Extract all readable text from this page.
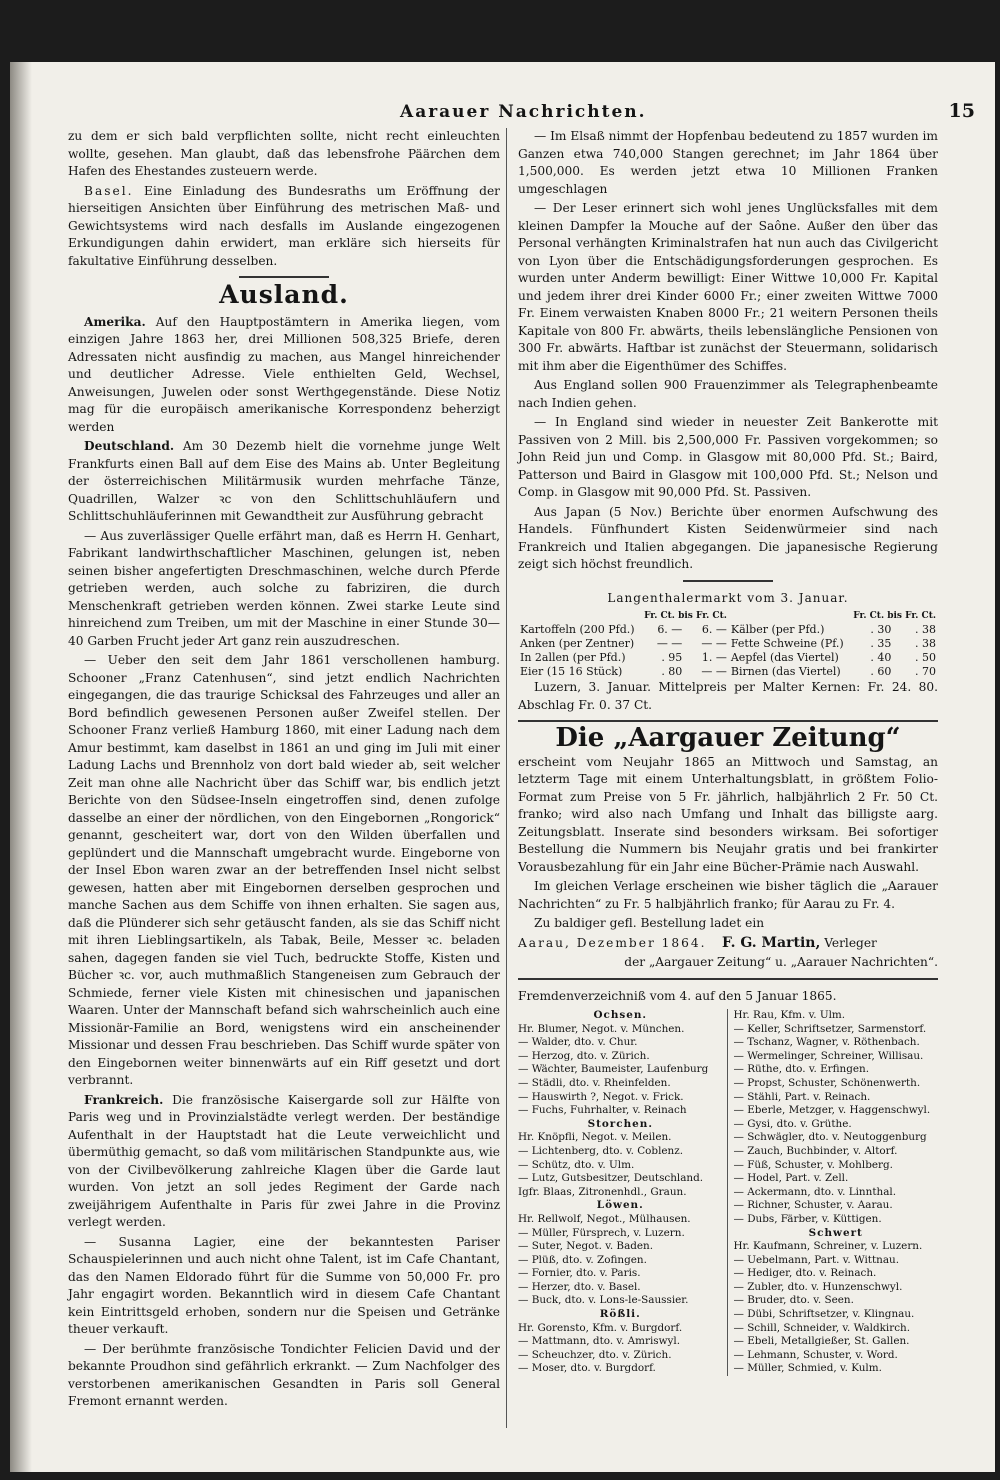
Aarauer Nachrichten.	15

zu dem er sich bald verpflichten sollte, nicht recht einleuchten wollte, gesehen. Man glaubt, daß das lebensfrohe Päärchen dem Hafen des Ehestandes zusteuern werde.

Basel. Eine Einladung des Bundesraths um Eröffnung der hierseitigen Ansichten über Einführung des metrischen Maß- und Gewichtsystems wird nach desfalls im Auslande eingezogenen Erkundigungen dahin erwidert, man erkläre sich hierseits für fakultative Einführung desselben.

Ausland.

Amerika. Auf den Hauptpostämtern in Amerika liegen, vom einzigen Jahre 1863 her, drei Millionen 508,325 Briefe, deren Adressaten nicht ausfindig zu machen, aus Mangel hinreichender und deutlicher Adresse. Viele enthielten Geld, Wechsel, Anweisungen, Juwelen oder sonst Werthgegenstände. Diese Notiz mag für die europäisch amerikanische Korrespondenz beherzigt werden

Deutschland. Am 30 Dezemb hielt die vornehme junge Welt Frankfurts einen Ball auf dem Eise des Mains ab. Unter Begleitung der österreichischen Militärmusik wurden mehrfache Tänze, Quadrillen, Walzer ꝛc von den Schlittschuhläufern und Schlittschuhläuferinnen mit Gewandtheit zur Ausführung gebracht

— Aus zuverlässiger Quelle erfährt man, daß es Herrn H. Genhart, Fabrikant landwirthschaftlicher Maschinen, gelungen ist, neben seinen bisher angefertigten Dreschmaschinen, welche durch Pferde getrieben werden, auch solche zu fabriziren, die durch Menschenkraft getrieben werden können. Zwei starke Leute sind hinreichend zum Treiben, um mit der Maschine in einer Stunde 30—40 Garben Frucht jeder Art ganz rein auszudreschen.

— Ueber den seit dem Jahr 1861 verschollenen hamburg. Schooner „Franz Catenhusen“, sind jetzt endlich Nachrichten eingegangen, die das traurige Schicksal des Fahrzeuges und aller an Bord befindlich gewesenen Personen außer Zweifel stellen. Der Schooner Franz verließ Hamburg 1860, mit einer Ladung nach dem Amur bestimmt, kam daselbst in 1861 an und ging im Juli mit einer Ladung Lachs und Brennholz von dort bald wieder ab, seit welcher Zeit man ohne alle Nachricht über das Schiff war, bis endlich jetzt Berichte von den Südsee-Inseln eingetroffen sind, denen zufolge dasselbe an einer der nördlichen, von den Eingebornen „Rongorick“ genannt, gescheitert war, dort von den Wilden überfallen und geplündert und die Mannschaft umgebracht wurde. Eingeborne von der Insel Ebon waren zwar an der betreffenden Insel nicht selbst gewesen, hatten aber mit Eingebornen derselben gesprochen und manche Sachen aus dem Schiffe von ihnen erhalten. Sie sagen aus, daß die Plünderer sich sehr getäuscht fanden, als sie das Schiff nicht mit ihren Lieblingsartikeln, als Tabak, Beile, Messer ꝛc. beladen sahen, dagegen fanden sie viel Tuch, bedruckte Stoffe, Kisten und Bücher ꝛc. vor, auch muthmaßlich Stangeneisen zum Gebrauch der Schmiede, ferner viele Kisten mit chinesischen und japanischen Waaren. Unter der Mannschaft befand sich wahrscheinlich auch eine Missionär-Familie an Bord, wenigstens wird ein anscheinender Missionar und dessen Frau beschrieben. Das Schiff wurde später von den Eingebornen weiter binnenwärts auf ein Riff gesetzt und dort verbrannt.

Frankreich. Die französische Kaisergarde soll zur Hälfte von Paris weg und in Provinzialstädte verlegt werden. Der beständige Aufenthalt in der Hauptstadt hat die Leute verweichlicht und übermüthig gemacht, so daß vom militärischen Standpunkte aus, wie von der Civilbevölkerung zahlreiche Klagen über die Garde laut wurden. Von jetzt an soll jedes Regiment der Garde nach zweijährigem Aufenthalte in Paris für zwei Jahre in die Provinz verlegt werden.

— Susanna Lagier, eine der bekanntesten Pariser Schauspielerinnen und auch nicht ohne Talent, ist im Cafe Chantant, das den Namen Eldorado führt für die Summe von 50,000 Fr. pro Jahr engagirt worden. Bekanntlich wird in diesem Cafe Chantant kein Eintrittsgeld erhoben, sondern nur die Speisen und Getränke theuer verkauft.

— Der berühmte französische Tondichter Felicien David und der bekannte Proudhon sind gefährlich erkrankt. — Zum Nachfolger des verstorbenen amerikanischen Gesandten in Paris soll General Fremont ernannt werden.

— Im Elsaß nimmt der Hopfenbau bedeutend zu 1857 wurden im Ganzen etwa 740,000 Stangen gerechnet; im Jahr 1864 über 1,500,000. Es werden jetzt etwa 10 Millionen Franken umgeschlagen

— Der Leser erinnert sich wohl jenes Unglücksfalles mit dem kleinen Dampfer la Mouche auf der Saône. Außer den über das Personal verhängten Kriminalstrafen hat nun auch das Civilgericht von Lyon über die Entschädigungsforderungen gesprochen. Es wurden unter Anderm bewilligt: Einer Wittwe 10,000 Fr. Kapital und jedem ihrer drei Kinder 6000 Fr.; einer zweiten Wittwe 7000 Fr. Einem verwaisten Knaben 8000 Fr.; 21 weitern Personen theils Kapitale von 800 Fr. abwärts, theils lebenslängliche Pensionen von 300 Fr. abwärts. Haftbar ist zunächst der Steuermann, solidarisch mit ihm aber die Eigenthümer des Schiffes.

Aus England sollen 900 Frauenzimmer als Telegraphenbeamte nach Indien gehen.

— In England sind wieder in neuester Zeit Bankerotte mit Passiven von 2 Mill. bis 2,500,000 Fr. Passiven vorgekommen; so John Reid jun und Comp. in Glasgow mit 80,000 Pfd. St.; Baird, Patterson und Baird in Glasgow mit 100,000 Pfd. St.; Nelson und Comp. in Glasgow mit 90,000 Pfd. St. Passiven.

Aus Japan (5 Nov.) Berichte über enormen Aufschwung des Handels. Fünfhundert Kisten Seidenwürmeier sind nach Frankreich und Italien abgegangen. Die japanesische Regierung zeigt sich höchst freundlich.

Langenthalermarkt vom 3. Januar.
	Fr. Ct. bis Fr. Ct.			Fr. Ct. bis Fr. Ct.	
Kartoffeln (200 Pfd.)	6. —	6. —	Kälber (per Pfd.)	. 30	. 38
Anken (per Zentner)	— —	— —	Fette Schweine (Pf.)	. 35	. 38
In 2allen (per Pfd.)	. 95	1. —	Aepfel (das Viertel)	. 40	. 50
Eier (15 16 Stück)	. 80	— —	Birnen (das Viertel)	. 60	. 70

Luzern, 3. Januar. Mittelpreis per Malter Kernen: Fr. 24. 80. Abschlag Fr. 0. 37 Ct.

Die „Aargauer Zeitung“

erscheint vom Neujahr 1865 an Mittwoch und Samstag, an letzterm Tage mit einem Unterhaltungsblatt, in größtem Folio-Format zum Preise von 5 Fr. jährlich, halbjährlich 2 Fr. 50 Ct. franko; wird also nach Umfang und Inhalt das billigste aarg. Zeitungsblatt. Inserate sind besonders wirksam. Bei sofortiger Bestellung die Nummern bis Neujahr gratis und bei frankirter Vorausbezahlung für ein Jahr eine Bücher-Prämie nach Auswahl.

Im gleichen Verlage erscheinen wie bisher täglich die „Aarauer Nachrichten“ zu Fr. 5 halbjährlich franko; für Aarau zu Fr. 4.

Zu baldiger gefl. Bestellung ladet ein

Aarau, Dezember 1864. F. G. Martin, Verleger

der „Aargauer Zeitung“ u. „Aarauer Nachrichten“.

Fremdenverzeichniß vom 4. auf den 5 Januar 1865.
Ochsen.
Hr. Blumer, Negot. v. München.
— Walder, dto. v. Chur.
— Herzog, dto. v. Zürich.
— Wächter, Baumeister, Laufenburg
— Städli, dto. v. Rheinfelden.
— Hauswirth ?, Negot. v. Frick.
— Fuchs, Fuhrhalter, v. Reinach
Storchen.
Hr. Knöpfli, Negot. v. Meilen.
— Lichtenberg, dto. v. Coblenz.
— Schütz, dto. v. Ulm.
— Lutz, Gutsbesitzer, Deutschland.
Igfr. Blaas, Zitronenhdl., Graun.
Löwen.
Hr. Rellwolf, Negot., Mülhausen.
— Müller, Fürsprech, v. Luzern.
— Suter, Negot. v. Baden.
— Plüß, dto. v. Zofingen.
— Fornier, dto. v. Paris.
— Herzer, dto. v. Basel.
— Buck, dto. v. Lons-le-Saussier.
Rößli.
Hr. Gorensto, Kfm. v. Burgdorf.
— Mattmann, dto. v. Amriswyl.
— Scheuchzer, dto. v. Zürich.
— Moser, dto. v. Burgdorf.
Hr. Rau, Kfm. v. Ulm.
— Keller, Schriftsetzer, Sarmenstorf.
— Tschanz, Wagner, v. Röthenbach.
— Wermelinger, Schreiner, Willisau.
— Rüthe, dto. v. Erfingen.
— Propst, Schuster, Schönenwerth.
— Stähli, Part. v. Reinach.
— Eberle, Metzger, v. Haggenschwyl.
— Gysi, dto. v. Grüthe.
— Schwägler, dto. v. Neutoggenburg
— Zauch, Buchbinder, v. Altorf.
— Füß, Schuster, v. Mohlberg.
— Hodel, Part. v. Zell.
— Ackermann, dto. v. Linnthal.
— Richner, Schuster, v. Aarau.
— Dubs, Färber, v. Küttigen.
Schwert
Hr. Kaufmann, Schreiner, v. Luzern.
— Uebelmann, Part. v. Wittnau.
— Hediger, dto. v. Reinach.
— Zubler, dto. v. Hunzenschwyl.
— Bruder, dto. v. Seen.
— Dübi, Schriftsetzer, v. Klingnau.
— Schill, Schneider, v. Waldkirch.
— Ebeli, Metallgießer, St. Gallen.
— Lehmann, Schuster, v. Word.
— Müller, Schmied, v. Kulm.
